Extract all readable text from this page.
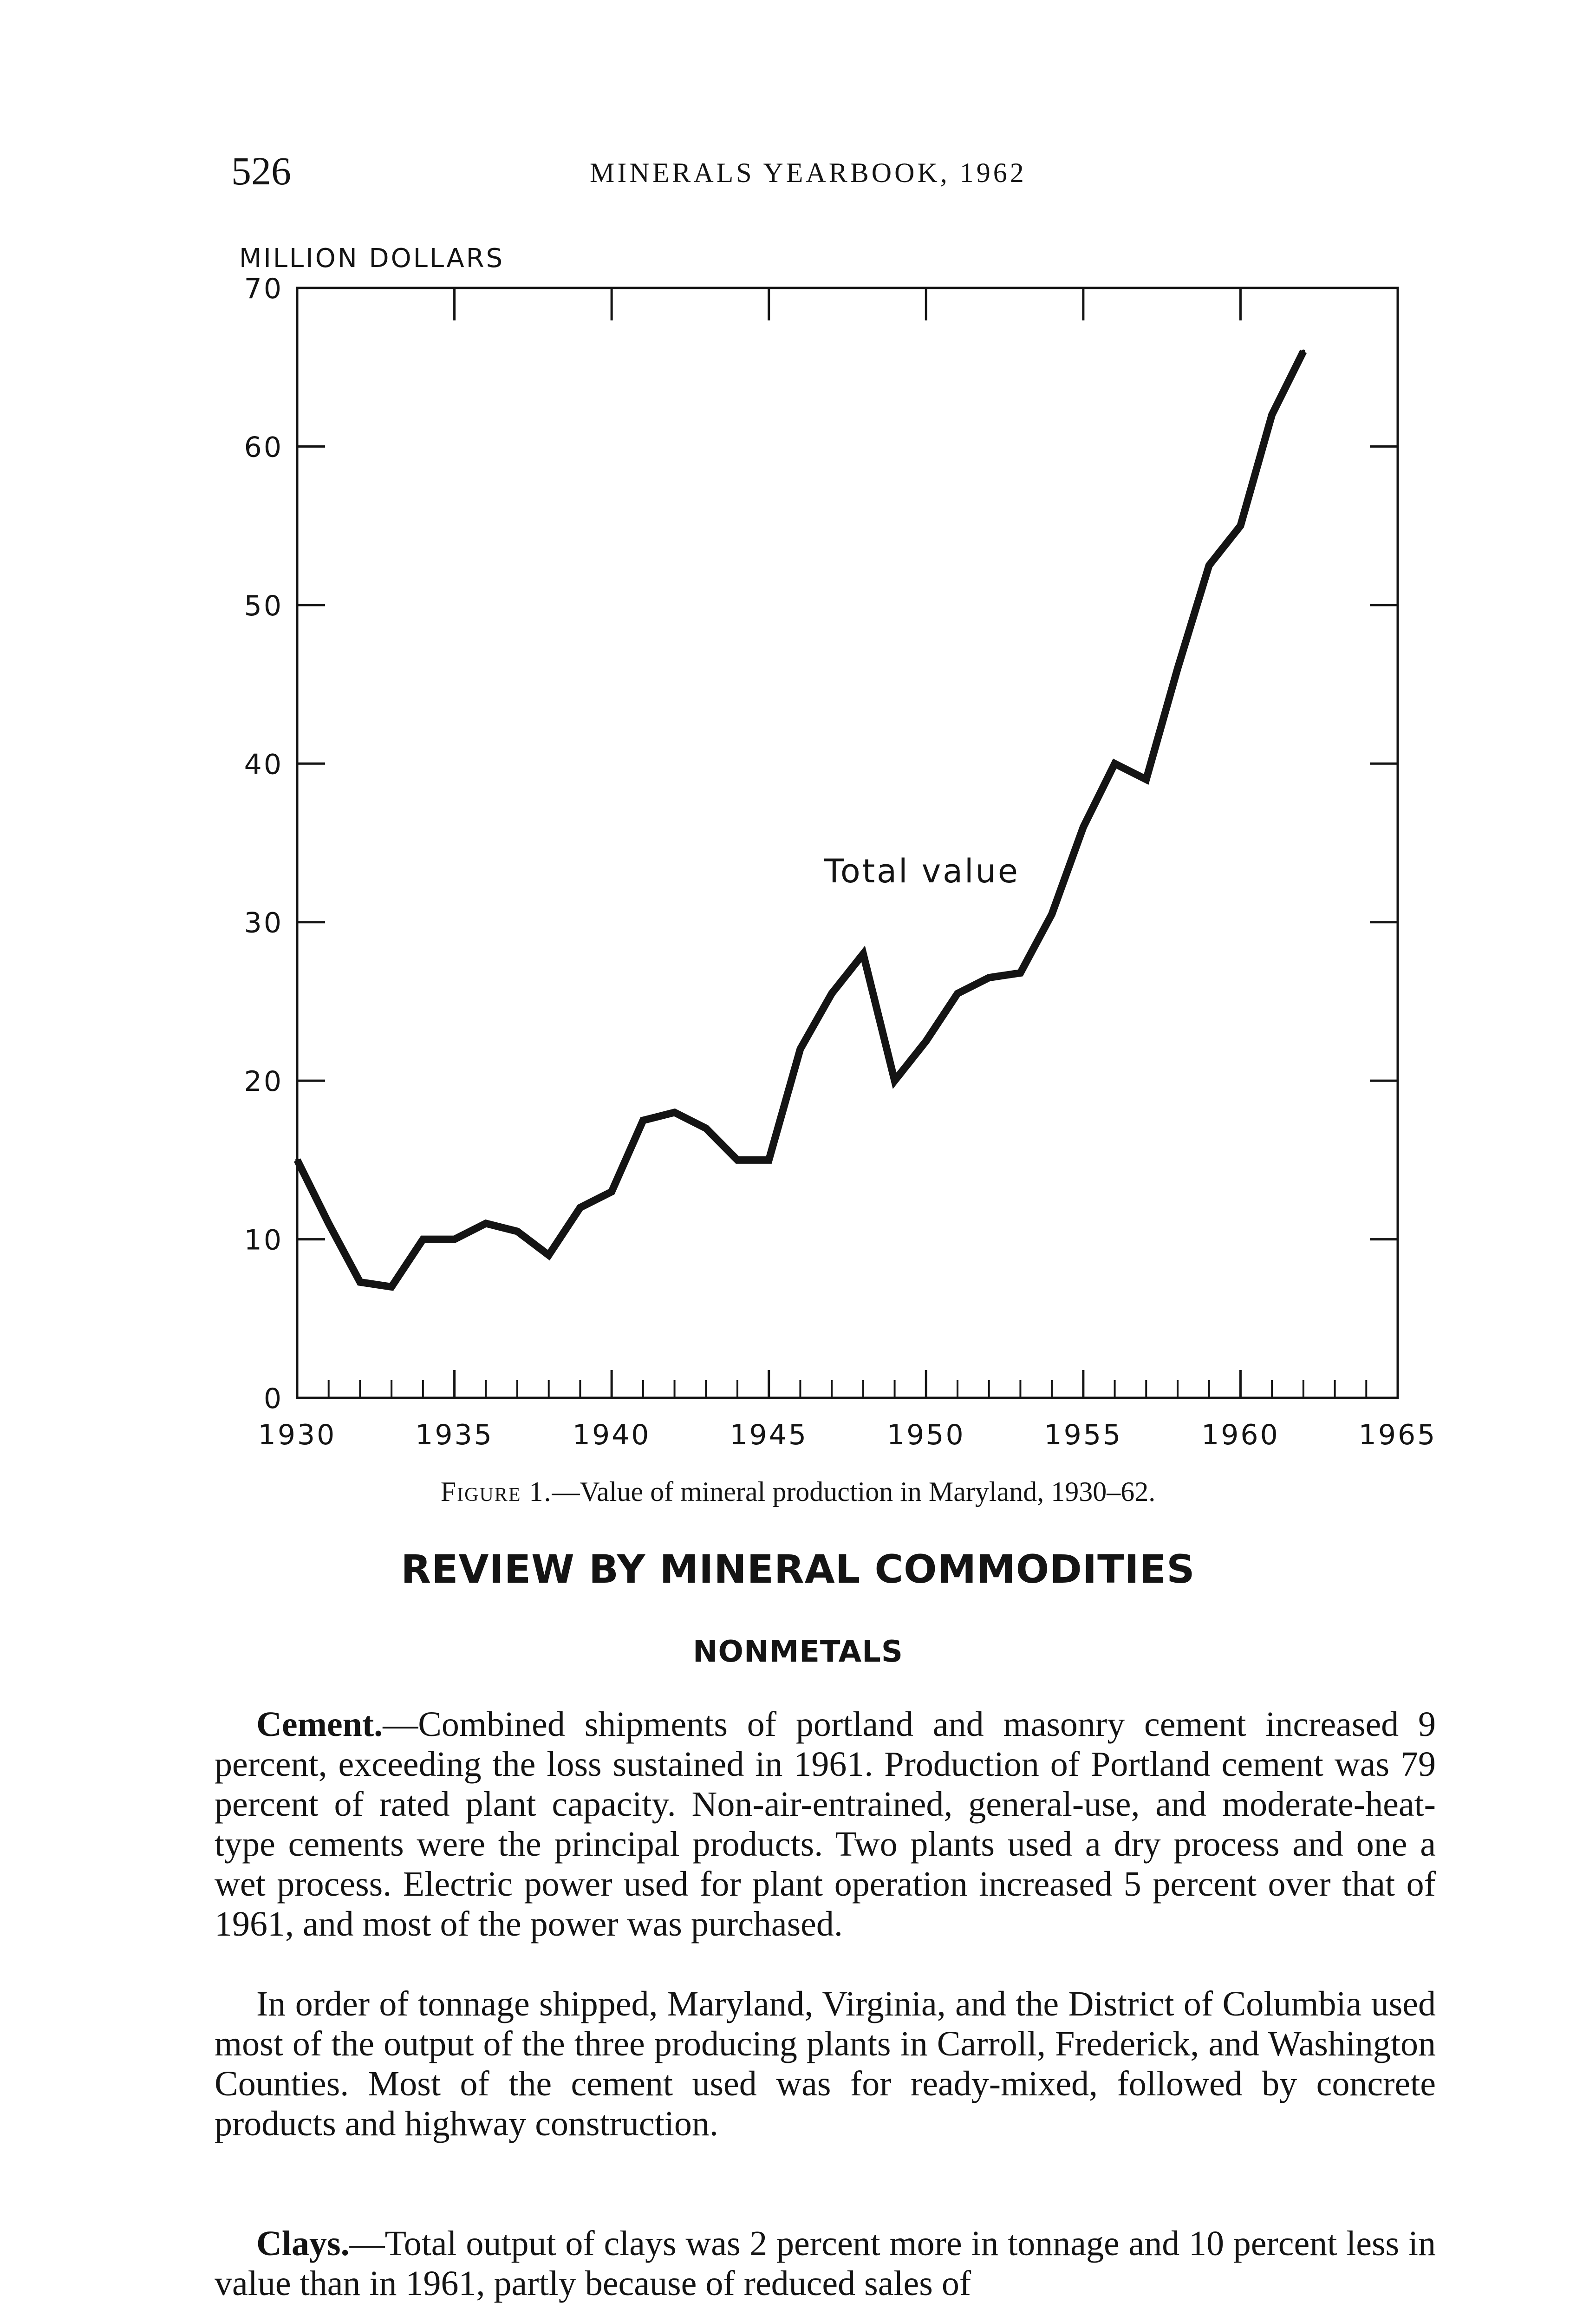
526	MINERALS YEARBOOK, 1962
MILLION DOLLARS
1930	1935	1940	1945	1950	1955	1960	1965
0
10
20
30
40
50
60
70
Total value
Figure 1.—Value of mineral production in Maryland, 1930–62.
REVIEW BY MINERAL COMMODITIES
NONMETALS
Cement.—Combined shipments of portland and masonry cement increased 9 percent, exceeding the loss sustained in 1961. Production of Portland cement was 79 percent of rated plant capacity. Non-air-entrained, general-use, and moderate-heat-type cements were the principal products. Two plants used a dry process and one a wet process. Electric power used for plant operation increased 5 percent over that of 1961, and most of the power was purchased.
In order of tonnage shipped, Maryland, Virginia, and the District of Columbia used most of the output of the three producing plants in Carroll, Frederick, and Washington Counties. Most of the cement used was for ready-mixed, followed by concrete products and highway construction.
Clays.—Total output of clays was 2 percent more in tonnage and 10 percent less in value than in 1961, partly because of reduced sales of
